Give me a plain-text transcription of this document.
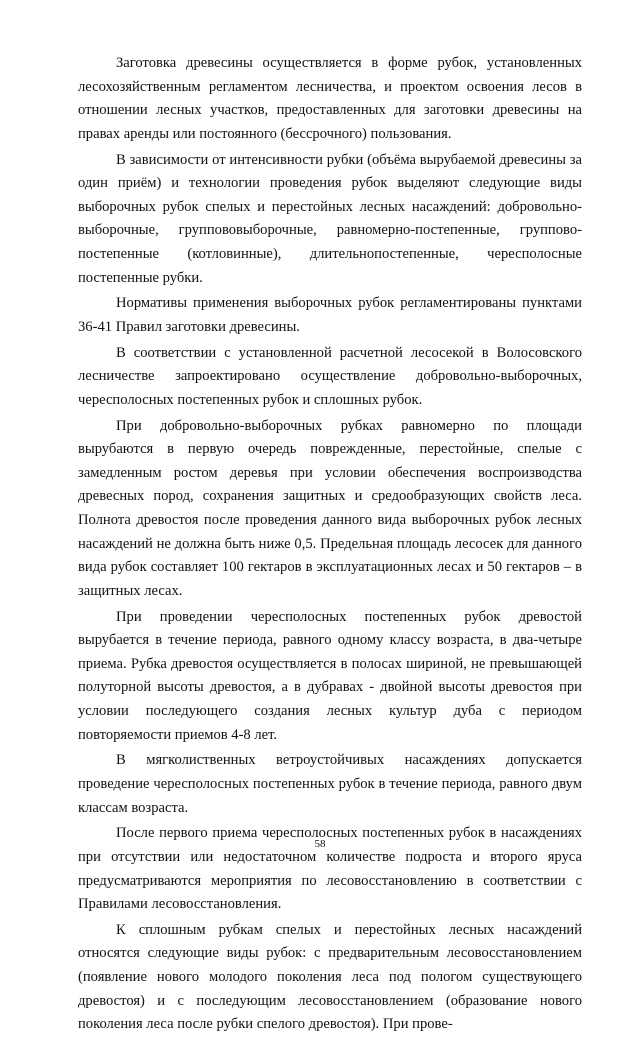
Заготовка древесины осуществляется в форме рубок, установленных лесохозяйственным регламентом лесничества, и проектом освоения лесов в отношении лесных участков, предоставленных для заготовки древесины на правах аренды или постоянного (бессрочного) пользования.

В зависимости от интенсивности рубки (объёма вырубаемой древесины за один приём) и технологии проведения рубок выделяют следующие виды выборочных рубок спелых и перестойных лесных насаждений: добровольно-выборочные, группововыборочные, равномерно-постепенные, группово-постепенные (котловинные), длительнопостепенные, чересполосные постепенные рубки.

Нормативы применения выборочных рубок регламентированы пунктами 36-41 Правил заготовки древесины.

В соответствии с установленной расчетной лесосекой в Волосовского лесничестве запроектировано осуществление добровольно-выборочных, чересполосных постепенных рубок и сплошных рубок.

При добровольно-выборочных рубках равномерно по площади вырубаются в первую очередь поврежденные, перестойные, спелые с замедленным ростом деревья при условии обеспечения воспроизводства древесных пород, сохранения защитных и средообразующих свойств леса. Полнота древостоя после проведения данного вида выборочных рубок лесных насаждений не должна быть ниже 0,5. Предельная площадь лесосек для данного вида рубок составляет 100 гектаров в эксплуатационных лесах и 50 гектаров – в защитных лесах.

При проведении чересполосных постепенных рубок древостой вырубается в течение периода, равного одному классу возраста, в два-четыре приема. Рубка древостоя осуществляется в полосах шириной, не превышающей полуторной высоты древостоя, а в дубравах - двойной высоты древостоя при условии последующего создания лесных культур дуба с периодом повторяемости приемов 4-8 лет.

В мягколиственных ветроустойчивых насаждениях допускается проведение чересполосных постепенных рубок в течение периода, равного двум классам возраста.

После первого приема чересполосных постепенных рубок в насаждениях при отсутствии или недостаточном количестве подроста и второго яруса предусматриваются мероприятия по лесовосстановлению в соответствии с Правилами лесовосстановления.

К сплошным рубкам спелых и перестойных лесных насаждений относятся следующие виды рубок: с предварительным лесовосстановлением (появление нового молодого поколения леса под пологом существующего древостоя) и с последующим лесовосстановлением (образование нового поколения леса после рубки спелого древостоя). При прове-

58
